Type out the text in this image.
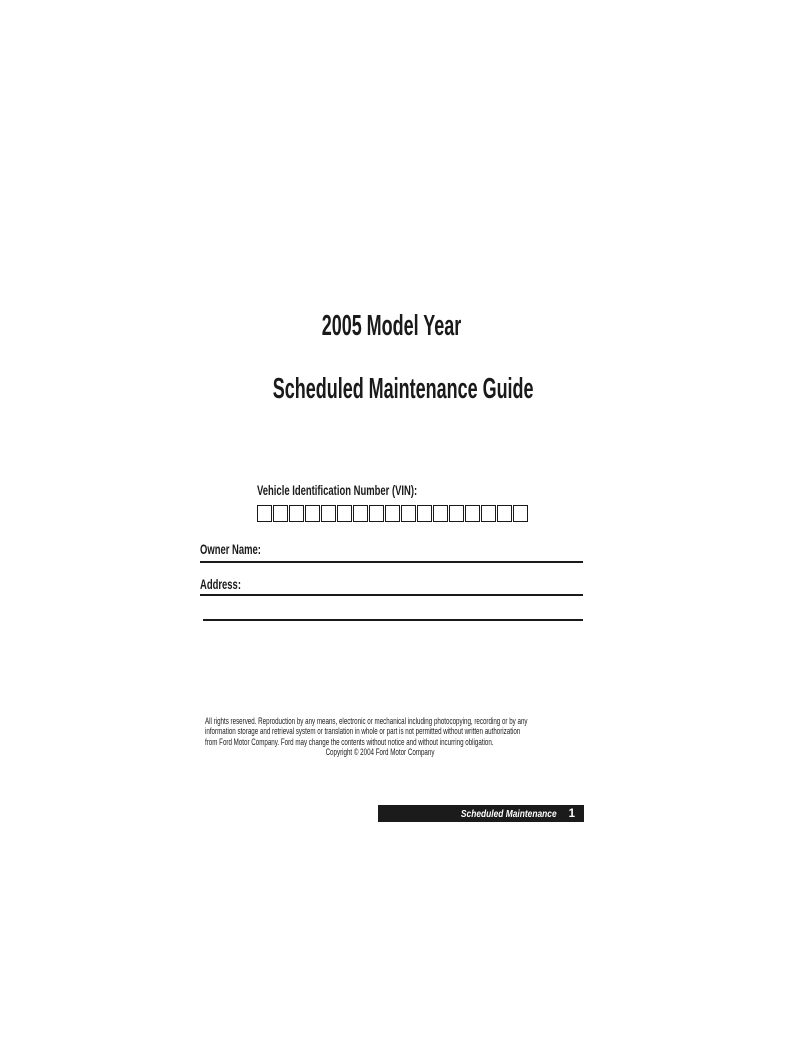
2005 Model Year
Scheduled Maintenance Guide
Vehicle Identification Number (VIN):
Owner Name:
Address:
All rights reserved. Reproduction by any means, electronic or mechanical including photocopying, recording or by any
information storage and retrieval system or translation in whole or part is not permitted without written authorization
from Ford Motor Company. Ford may change the contents without notice and without incurring obligation.
Copyright © 2004 Ford Motor Company
Scheduled Maintenance 1
